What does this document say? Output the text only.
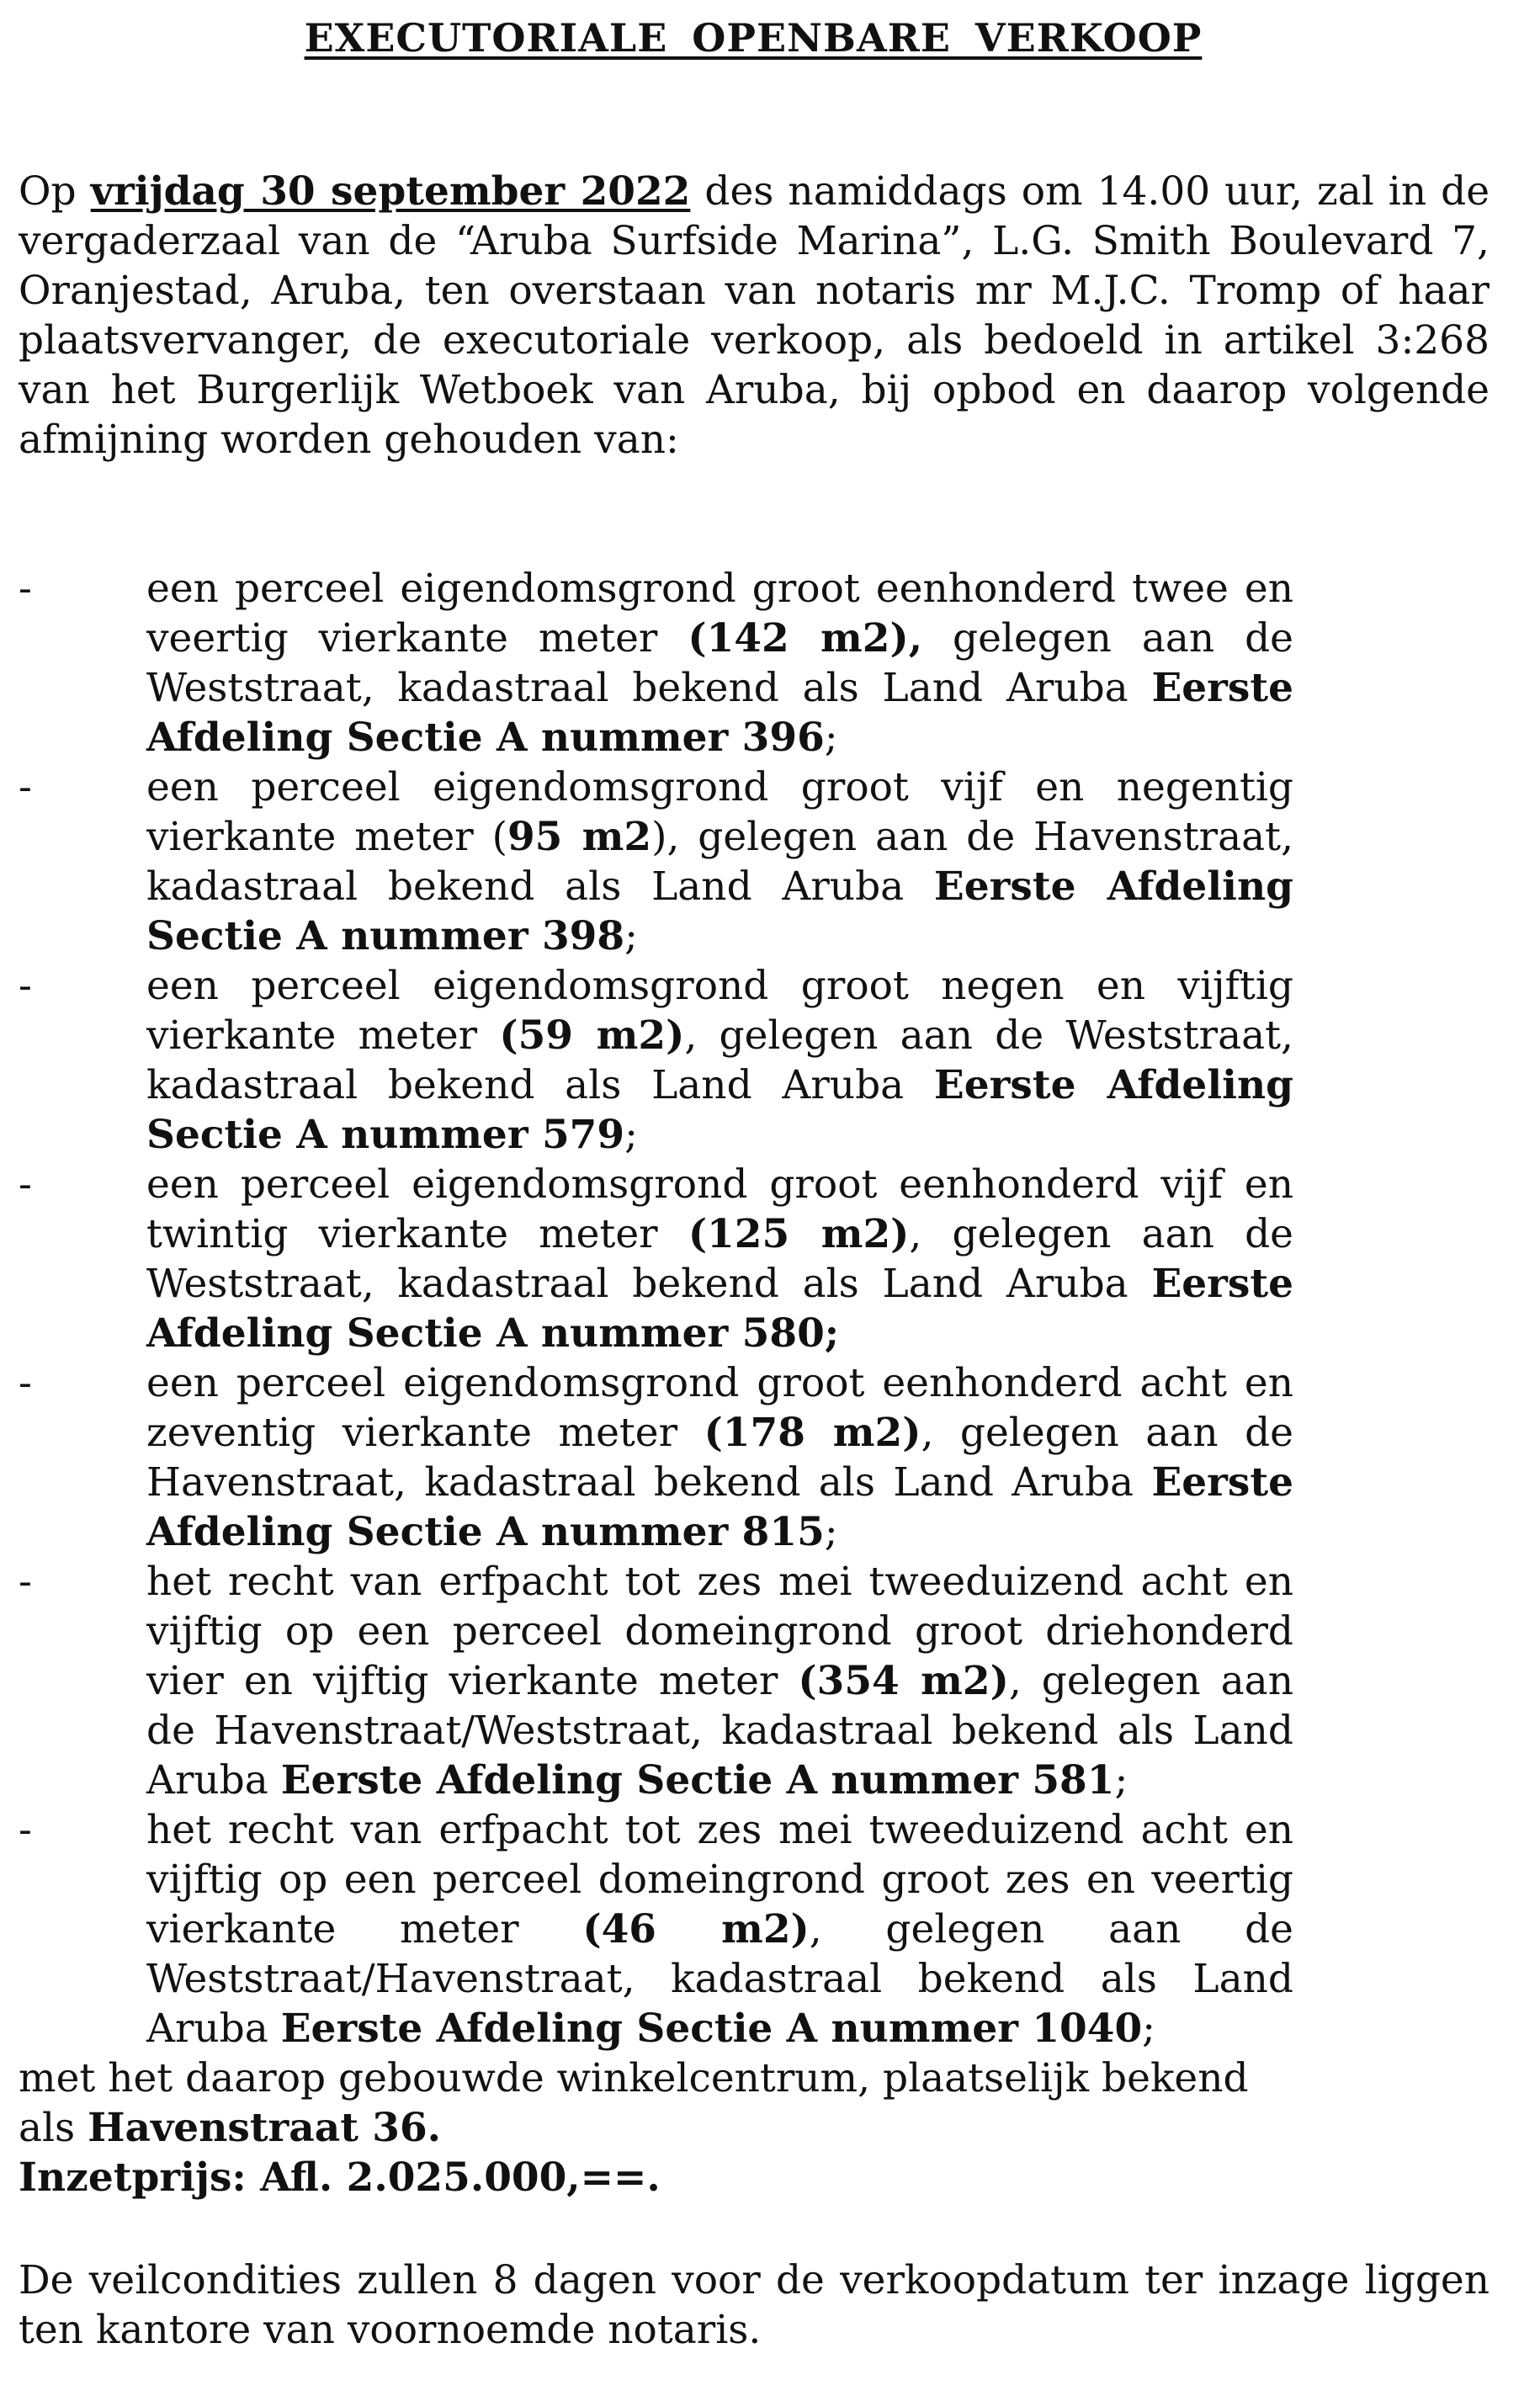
EXECUTORIALE OPENBARE VERKOOP
Op vrijdag 30 september 2022 des namiddags om 14.00 uur, zal in de vergaderzaal van de “Aruba Surfside Marina”, L.G. Smith Boulevard 7, Oranjestad, Aruba, ten overstaan van notaris mr M.J.C. Tromp of haar plaatsvervanger, de executoriale verkoop, als bedoeld in artikel 3:268 van het Burgerlijk Wetboek van Aruba, bij opbod en daarop volgende afmijning worden gehouden van:
-	een perceel eigendomsgrond groot eenhonderd twee en veertig vierkante meter (142 m2), gelegen aan de Weststraat, kadastraal bekend als Land Aruba Eerste Afdeling Sectie A nummer 396;
-	een perceel eigendomsgrond groot vijf en negentig vierkante meter (95 m2), gelegen aan de Havenstraat, kadastraal bekend als Land Aruba Eerste Afdeling Sectie A nummer 398;
-	een perceel eigendomsgrond groot negen en vijftig vierkante meter (59 m2), gelegen aan de Weststraat, kadastraal bekend als Land Aruba Eerste Afdeling Sectie A nummer 579;
-	een perceel eigendomsgrond groot eenhonderd vijf en twintig vierkante meter (125 m2), gelegen aan de Weststraat, kadastraal bekend als Land Aruba Eerste Afdeling Sectie A nummer 580;
-	een perceel eigendomsgrond groot eenhonderd acht en zeventig vierkante meter (178 m2), gelegen aan de Havenstraat, kadastraal bekend als Land Aruba Eerste Afdeling Sectie A nummer 815;
-	het recht van erfpacht tot zes mei tweeduizend acht en vijftig op een perceel domeingrond groot driehonderd vier en vijftig vierkante meter (354 m2), gelegen aan de Havenstraat/Weststraat, kadastraal bekend als Land Aruba Eerste Afdeling Sectie A nummer 581;
-	het recht van erfpacht tot zes mei tweeduizend acht en vijftig op een perceel domeingrond groot zes en veertig vierkante meter (46 m2), gelegen aan de Weststraat/Havenstraat, kadastraal bekend als Land Aruba Eerste Afdeling Sectie A nummer 1040;
met het daarop gebouwde winkelcentrum, plaatselijk bekend als Havenstraat 36.
Inzetprijs: Afl. 2.025.000,==.
De veilcondities zullen 8 dagen voor de verkoopdatum ter inzage liggen ten kantore van voornoemde notaris.
